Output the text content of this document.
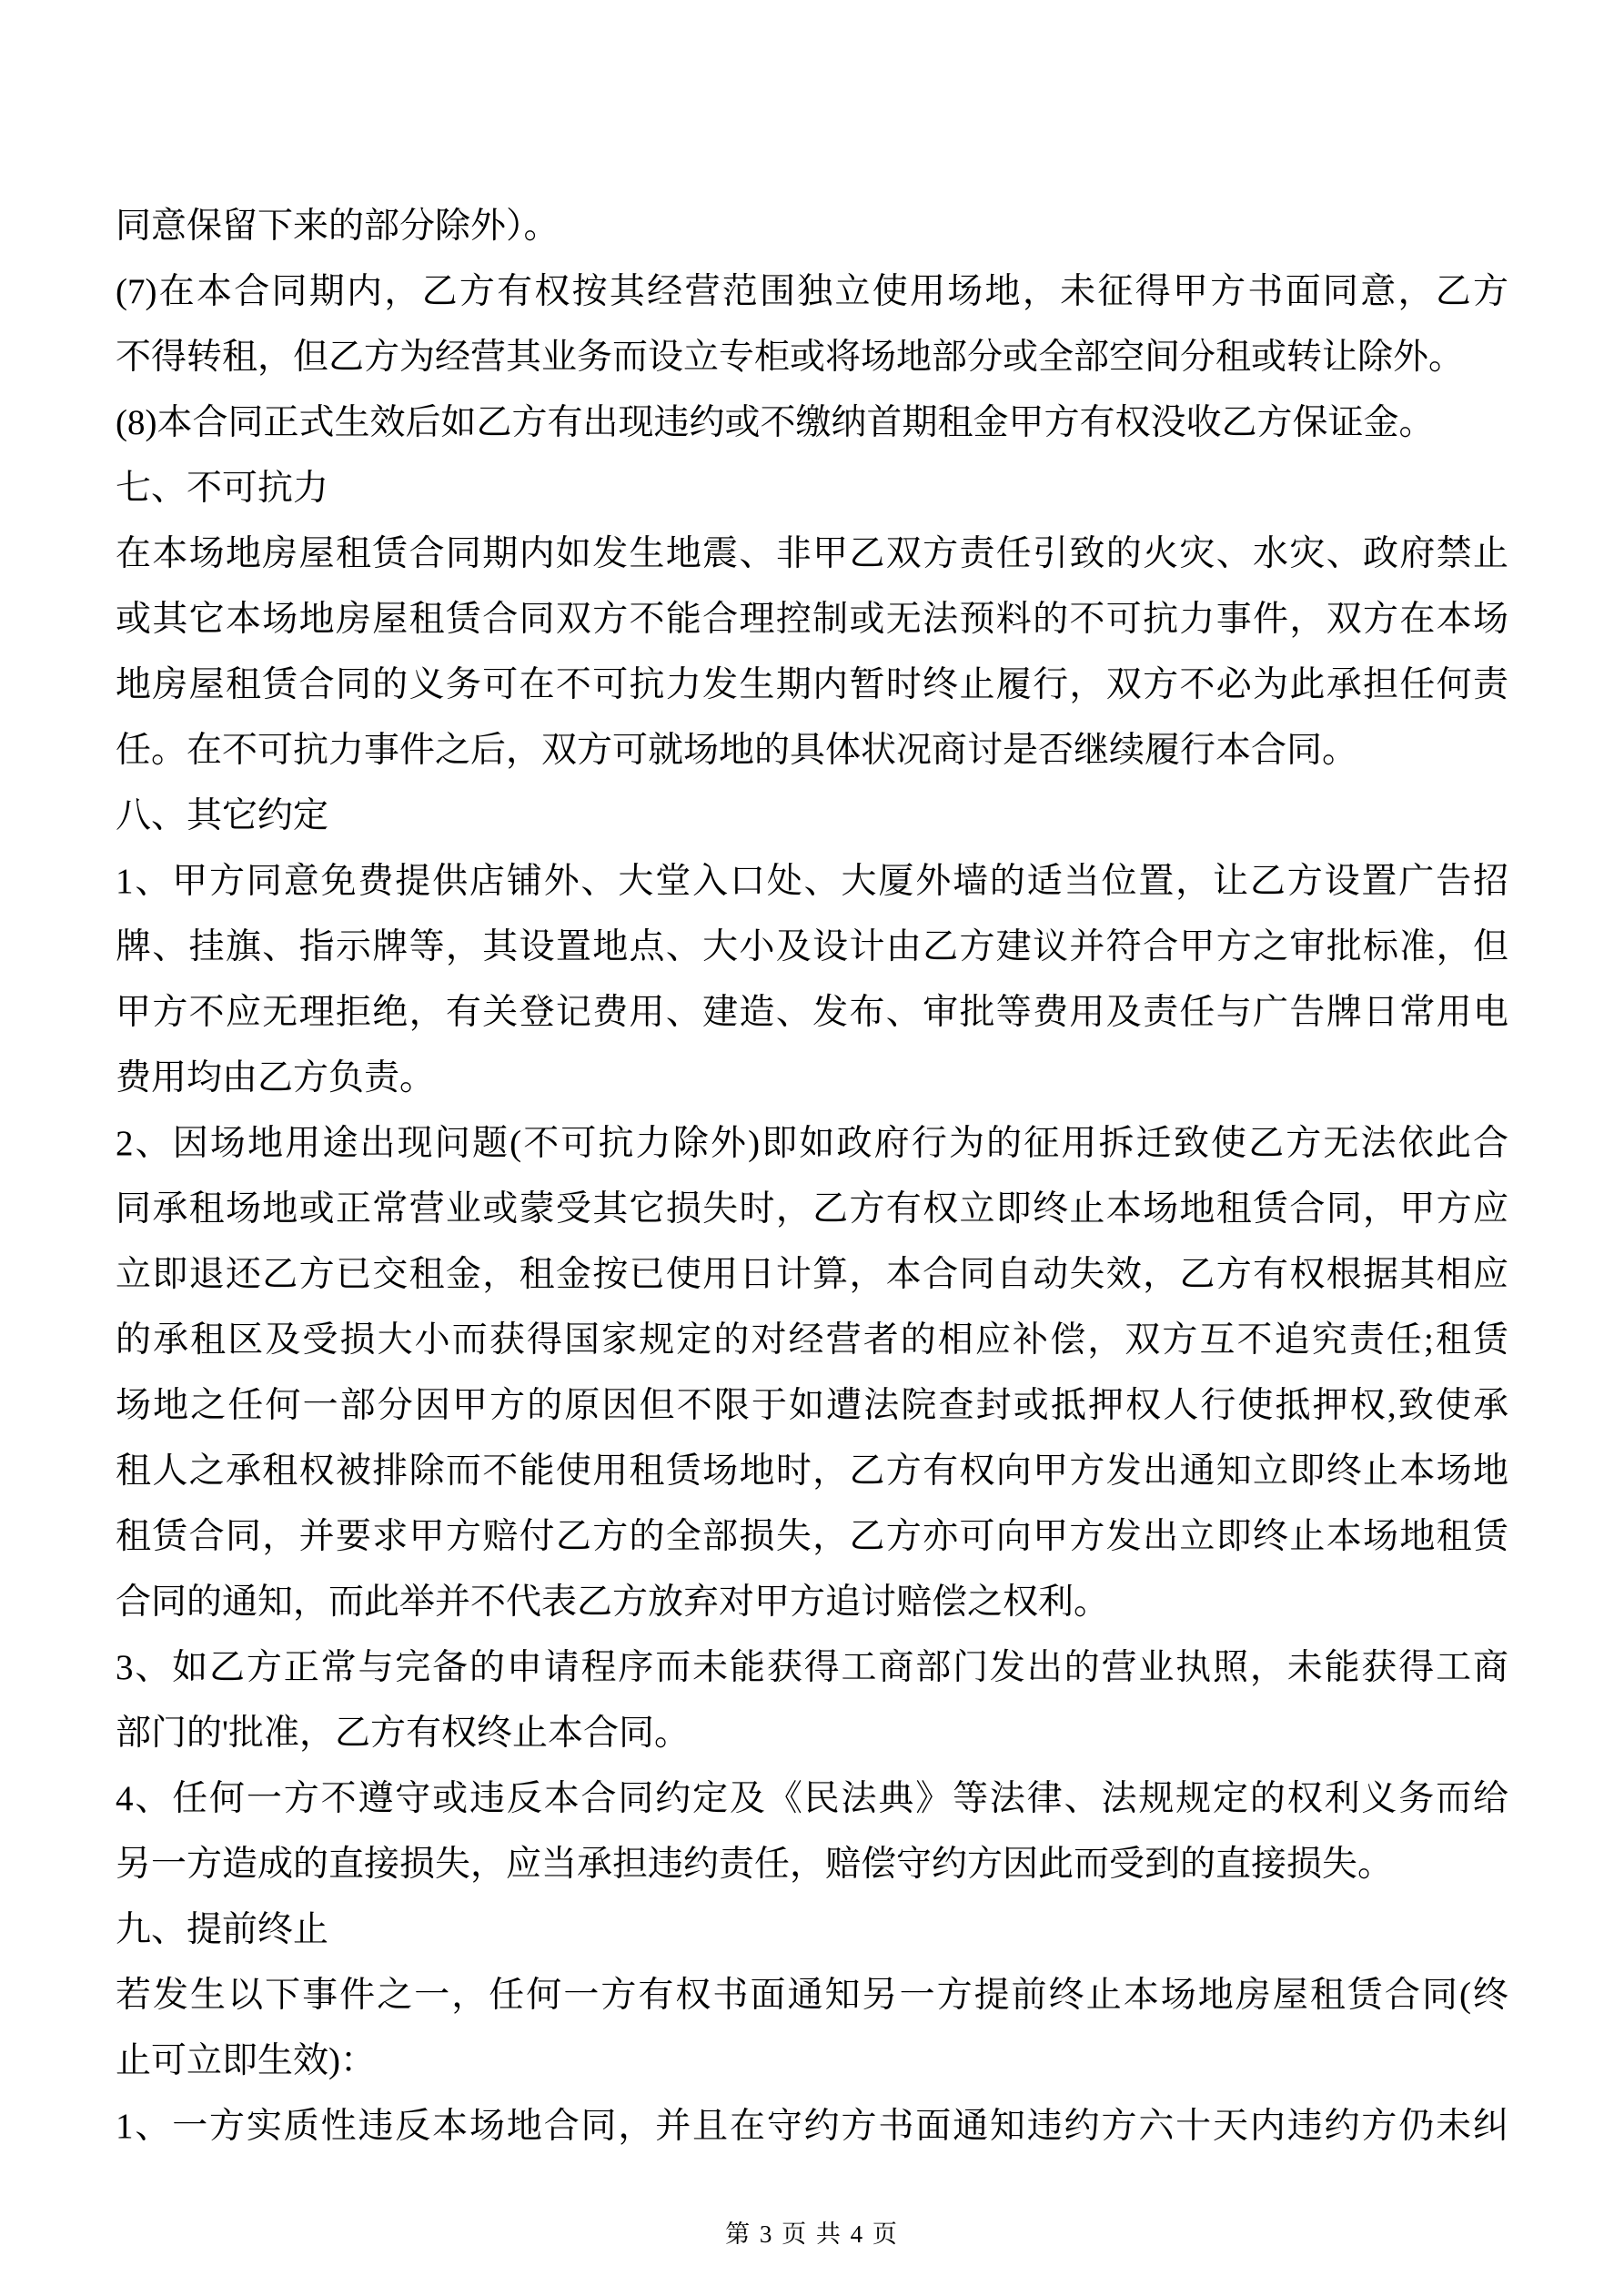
同意保留下来的部分除外）。
(7)在本合同期内，乙方有权按其经营范围独立使用场地，未征得甲方书面同意，乙方
不得转租，但乙方为经营其业务而设立专柜或将场地部分或全部空间分租或转让除外。
(8)本合同正式生效后如乙方有出现违约或不缴纳首期租金甲方有权没收乙方保证金。
七、不可抗力
在本场地房屋租赁合同期内如发生地震、非甲乙双方责任引致的火灾、水灾、政府禁止
或其它本场地房屋租赁合同双方不能合理控制或无法预料的不可抗力事件，双方在本场
地房屋租赁合同的义务可在不可抗力发生期内暂时终止履行，双方不必为此承担任何责
任。在不可抗力事件之后，双方可就场地的具体状况商讨是否继续履行本合同。
八、其它约定
1、甲方同意免费提供店铺外、大堂入口处、大厦外墙的适当位置，让乙方设置广告招
牌、挂旗、指示牌等，其设置地点、大小及设计由乙方建议并符合甲方之审批标准，但
甲方不应无理拒绝，有关登记费用、建造、发布、审批等费用及责任与广告牌日常用电
费用均由乙方负责。
2、因场地用途出现问题(不可抗力除外)即如政府行为的征用拆迁致使乙方无法依此合
同承租场地或正常营业或蒙受其它损失时，乙方有权立即终止本场地租赁合同，甲方应
立即退还乙方已交租金，租金按已使用日计算，本合同自动失效，乙方有权根据其相应
的承租区及受损大小而获得国家规定的对经营者的相应补偿，双方互不追究责任;租赁
场地之任何一部分因甲方的原因但不限于如遭法院查封或抵押权人行使抵押权,致使承
租人之承租权被排除而不能使用租赁场地时，乙方有权向甲方发出通知立即终止本场地
租赁合同，并要求甲方赔付乙方的全部损失，乙方亦可向甲方发出立即终止本场地租赁
合同的通知，而此举并不代表乙方放弃对甲方追讨赔偿之权利。
3、如乙方正常与完备的申请程序而未能获得工商部门发出的营业执照，未能获得工商
部门的'批准，乙方有权终止本合同。
4、任何一方不遵守或违反本合同约定及《民法典》等法律、法规规定的权利义务而给
另一方造成的直接损失，应当承担违约责任，赔偿守约方因此而受到的直接损失。
九、提前终止
若发生以下事件之一，任何一方有权书面通知另一方提前终止本场地房屋租赁合同(终
止可立即生效)：
1、一方实质性违反本场地合同，并且在守约方书面通知违约方六十天内违约方仍未纠
第 3 页 共 4 页
